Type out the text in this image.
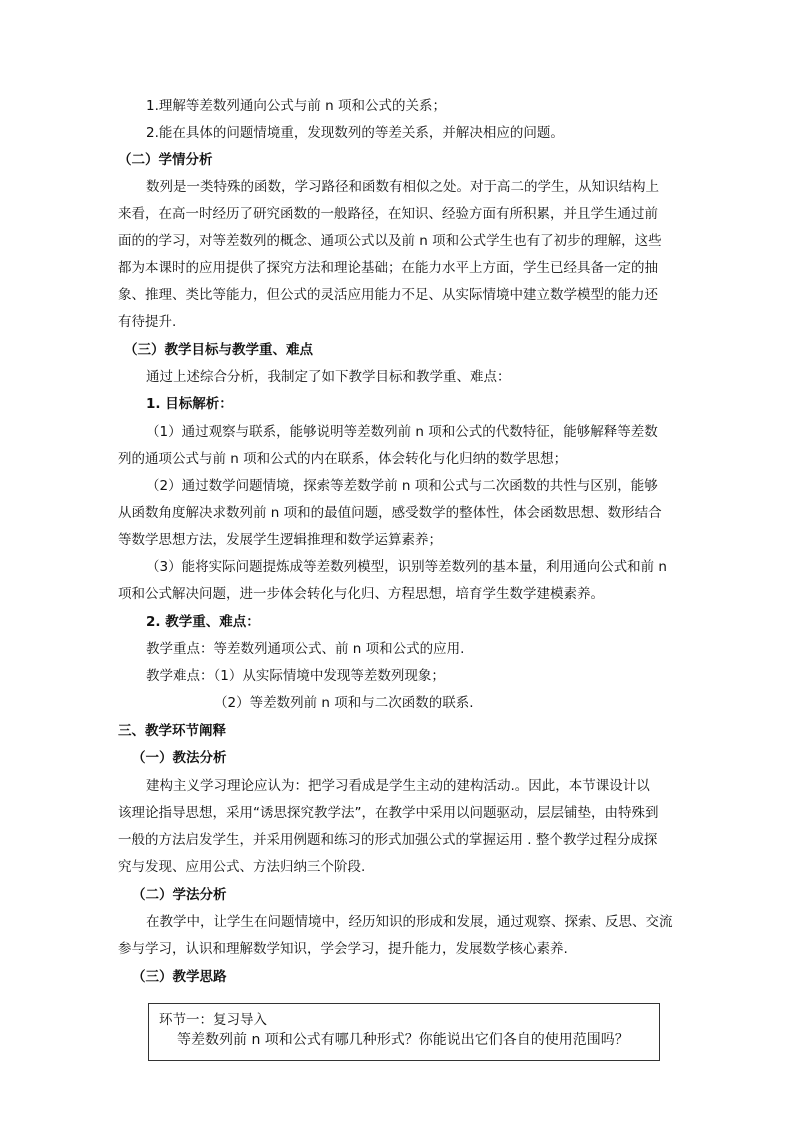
1.理解等差数列通向公式与前 n 项和公式的关系；
2.能在具体的问题情境重，发现数列的等差关系，并解决相应的问题。
（二）学情分析
数列是一类特殊的函数，学习路径和函数有相似之处。对于高二的学生，从知识结构上
来看，在高一时经历了研究函数的一般路径，在知识、经验方面有所积累，并且学生通过前
面的的学习，对等差数列的概念、通项公式以及前 n 项和公式学生也有了初步的理解，这些
都为本课时的应用提供了探究方法和理论基础；在能力水平上方面，学生已经具备一定的抽
象、推理、类比等能力，但公式的灵活应用能力不足、从实际情境中建立数学模型的能力还
有待提升.
（三）教学目标与教学重、难点
通过上述综合分析，我制定了如下教学目标和教学重、难点：
1. 目标解析：
（1）通过观察与联系，能够说明等差数列前 n 项和公式的代数特征，能够解释等差数
列的通项公式与前 n 项和公式的内在联系，体会转化与化归纳的数学思想；
（2）通过数学问题情境，探索等差数学前 n 项和公式与二次函数的共性与区别，能够
从函数角度解决求数列前 n 项和的最值问题，感受数学的整体性，体会函数思想、数形结合
等数学思想方法，发展学生逻辑推理和数学运算素养；
（3）能将实际问题提炼成等差数列模型，识别等差数列的基本量，利用通向公式和前 n
项和公式解决问题，进一步体会转化与化归、方程思想，培育学生数学建模素养。
2. 教学重、难点：
教学重点：等差数列通项公式、前 n 项和公式的应用.
教学难点：（1）从实际情境中发现等差数列现象；
（2）等差数列前 n 项和与二次函数的联系.
三、教学环节阐释
（一）教法分析
建构主义学习理论应认为：把学习看成是学生主动的建构活动.。因此，本节课设计以
该理论指导思想，采用“诱思探究教学法”，在教学中采用以问题驱动，层层铺垫，由特殊到
一般的方法启发学生，并采用例题和练习的形式加强公式的掌握运用 . 整个教学过程分成探
究与发现、应用公式、方法归纳三个阶段.
（二）学法分析
在教学中，让学生在问题情境中，经历知识的形成和发展，通过观察、探索、反思、交流
参与学习，认识和理解数学知识，学会学习，提升能力，发展数学核心素养.
（三）教学思路
环节一：复习导入
等差数列前 n 项和公式有哪几种形式？你能说出它们各自的使用范围吗？
